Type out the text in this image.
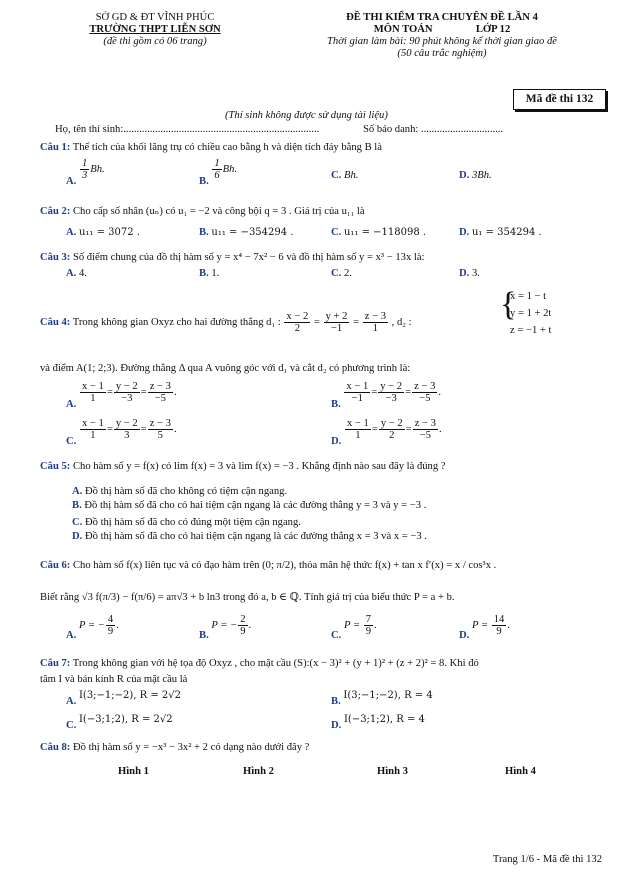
SỞ GD & ĐT VĨNH PHÚC
TRƯỜNG THPT LIỄN SƠN
(đề thi gồm có 06 trang)
ĐỀ THI KIỂM TRA CHUYÊN ĐỀ LẦN 4
MÔN TOÁN	LỚP 12
Thời gian làm bài: 90 phút không kể thời gian giao đề
(50 câu trắc nghiệm)
Mã đề thi 132
(Thí sinh không được sử dụng tài liệu)
Họ, tên thí sinh:..........................................................................	Số báo danh: ...............................
Câu 1: Thể tích của khối lăng trụ có chiều cao bằng h và diện tích đáy bằng B là
A.
$\frac{1}{3} Bh$.
B.
$\frac{1}{6} Bh$.
C. Bh.	D. 3Bh.
Câu 2: Cho cấp số nhân (uₙ) có u₁ = −2 và công bội q = 3 . Giá trị của u₁₁ là
A. u₁₁ = 3072 .	B. u₁₁ = −354294 .	C. u₁₁ = −118098 .	D. u₁ = 354294 .
Câu 3: Số điểm chung của đồ thị hàm số y = x⁴ − 7x² − 6 và đồ thị hàm số y = x³ − 13x là:
A. 4.	B. 1.	C. 2.	D. 3.
Câu 4: Trong không gian Oxyz cho hai đường thẳng d₁ : $\frac{x - 2}{2} = \frac{y + 2}{-1} = \frac{z - 3}{1}$ , d₂ :	{
x = 1 − t
y = 1 + 2t
z = −1 + t
và điểm A(1; 2;3). Đường thẳng Δ qua A vuông góc với d₁ và cắt d₂ có phương trình là:
A.
$\frac{x - 1}{1} = \frac{y - 2}{-3} = \frac{z - 3}{-5}$ .
B.
$\frac{x - 1}{-1} = \frac{y - 2}{-3} = \frac{z - 3}{-5}$ .
C.
$\frac{x - 1}{1} = \frac{y - 2}{3} = \frac{z - 3}{5}$ .
D.
$\frac{x - 1}{1} = \frac{y - 2}{2} = \frac{z - 3}{-5}$ .
Câu 5: Cho hàm số y = f(x) có lim f(x) = 3 và lim f(x) = −3 . Khẳng định nào sau đây là đúng ?
A. Đồ thị hàm số đã cho không có tiệm cận ngang.
B. Đồ thị hàm số đã cho có hai tiệm cận ngang là các đường thẳng y = 3 và y = −3 .
C. Đồ thị hàm số đã cho có đúng một tiệm cận ngang.
D. Đồ thị hàm số đã cho có hai tiệm cận ngang là các đường thẳng x = 3 và x = −3 .
Câu 6: Cho hàm số f(x) liên tục và có đạo hàm trên (0; π/2), thỏa mãn hệ thức f(x) + tan x f′(x) = x / cos³x .
Biết rằng √3 f(π/3) − f(π/6) = aπ√3 + b ln3 trong đó a, b ∈ ℚ. Tính giá trị của biểu thức P = a + b.
A. P = − $\frac{4}{9}$ .
B. P = − $\frac{2}{9}$ .
C. $P = \frac{7}{9}$ .
D. $P = \frac{14}{9}$ .
Câu 7: Trong không gian với hệ tọa độ Oxyz , cho mặt cầu (S):(x − 3)² + (y + 1)² + (z + 2)² = 8. Khi đó
tâm I và bán kính R của mặt cầu là
A. I(3;−1;−2), R = 2√2
B. I(3;−1;−2), R = 4
C. I(−3;1;2), R = 2√2
D. I(−3;1;2), R = 4
Câu 8: Đồ thị hàm số y = −x³ − 3x² + 2 có dạng nào dưới đây ?
Hình 1	Hình 2	Hình 3	Hình 4
Trang 1/6 - Mã đề thi 132
